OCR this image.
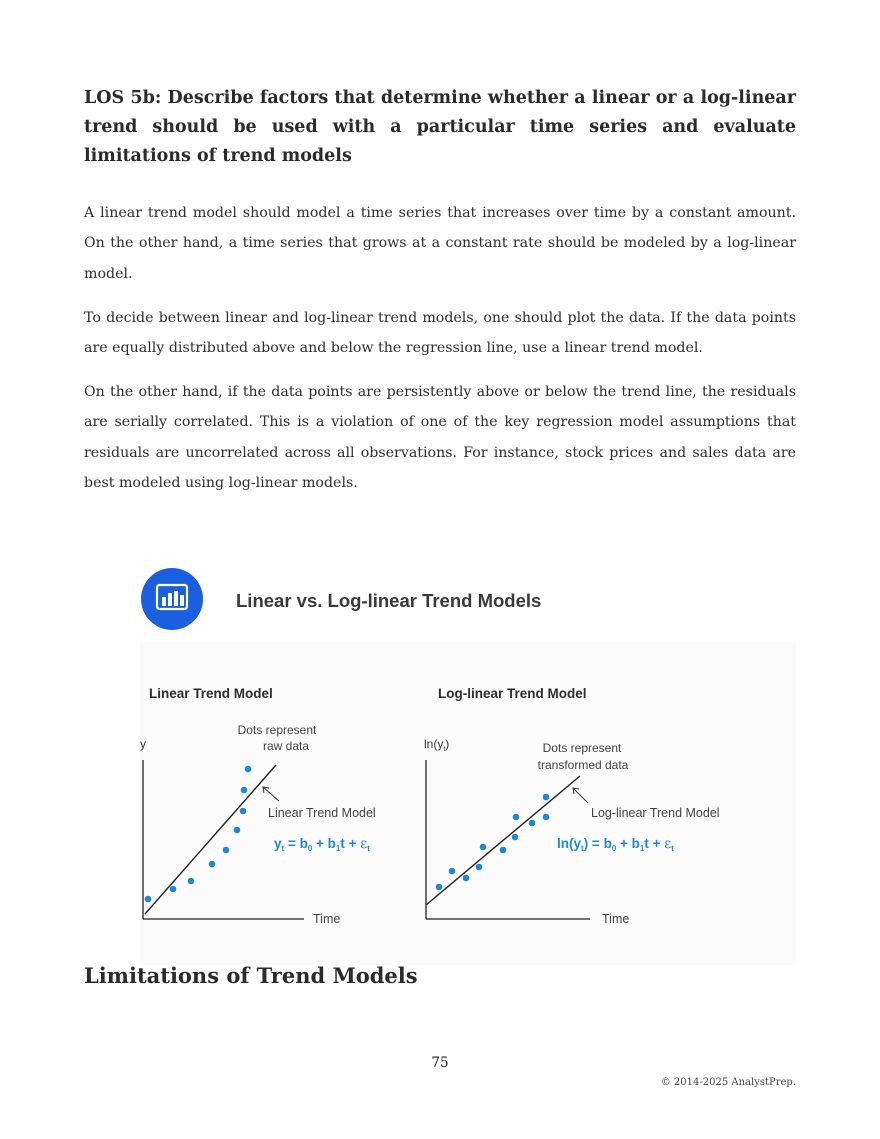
LOS 5b: Describe factors that determine whether a linear or a log-linear trend should be used with a particular time series and evaluate limitations of trend models

A linear trend model should model a time series that increases over time by a constant amount. On the other hand, a time series that grows at a constant rate should be modeled by a log-linear model.

To decide between linear and log-linear trend models, one should plot the data. If the data points are equally distributed above and below the regression line, use a linear trend model.

On the other hand, if the data points are persistently above or below the trend line, the residuals are serially correlated. This is a violation of one of the key regression model assumptions that residuals are uncorrelated across all observations. For instance, stock prices and sales data are best modeled using log-linear models.

Linear vs. Log-linear Trend Models
Linear Trend Model
y
Time
Dots represent
raw data
Linear Trend Model
$y_t = b_0 + b_1t + \varepsilon_t$
Log-linear Trend Model
$\ln(y_t)$
Time
Dots represent
transformed data
Log-linear Trend Model
$\ln(y_t) = b_0 + b_1t + \varepsilon_t$
Limitations of Trend Models
75
© 2014-2025 AnalystPrep.
